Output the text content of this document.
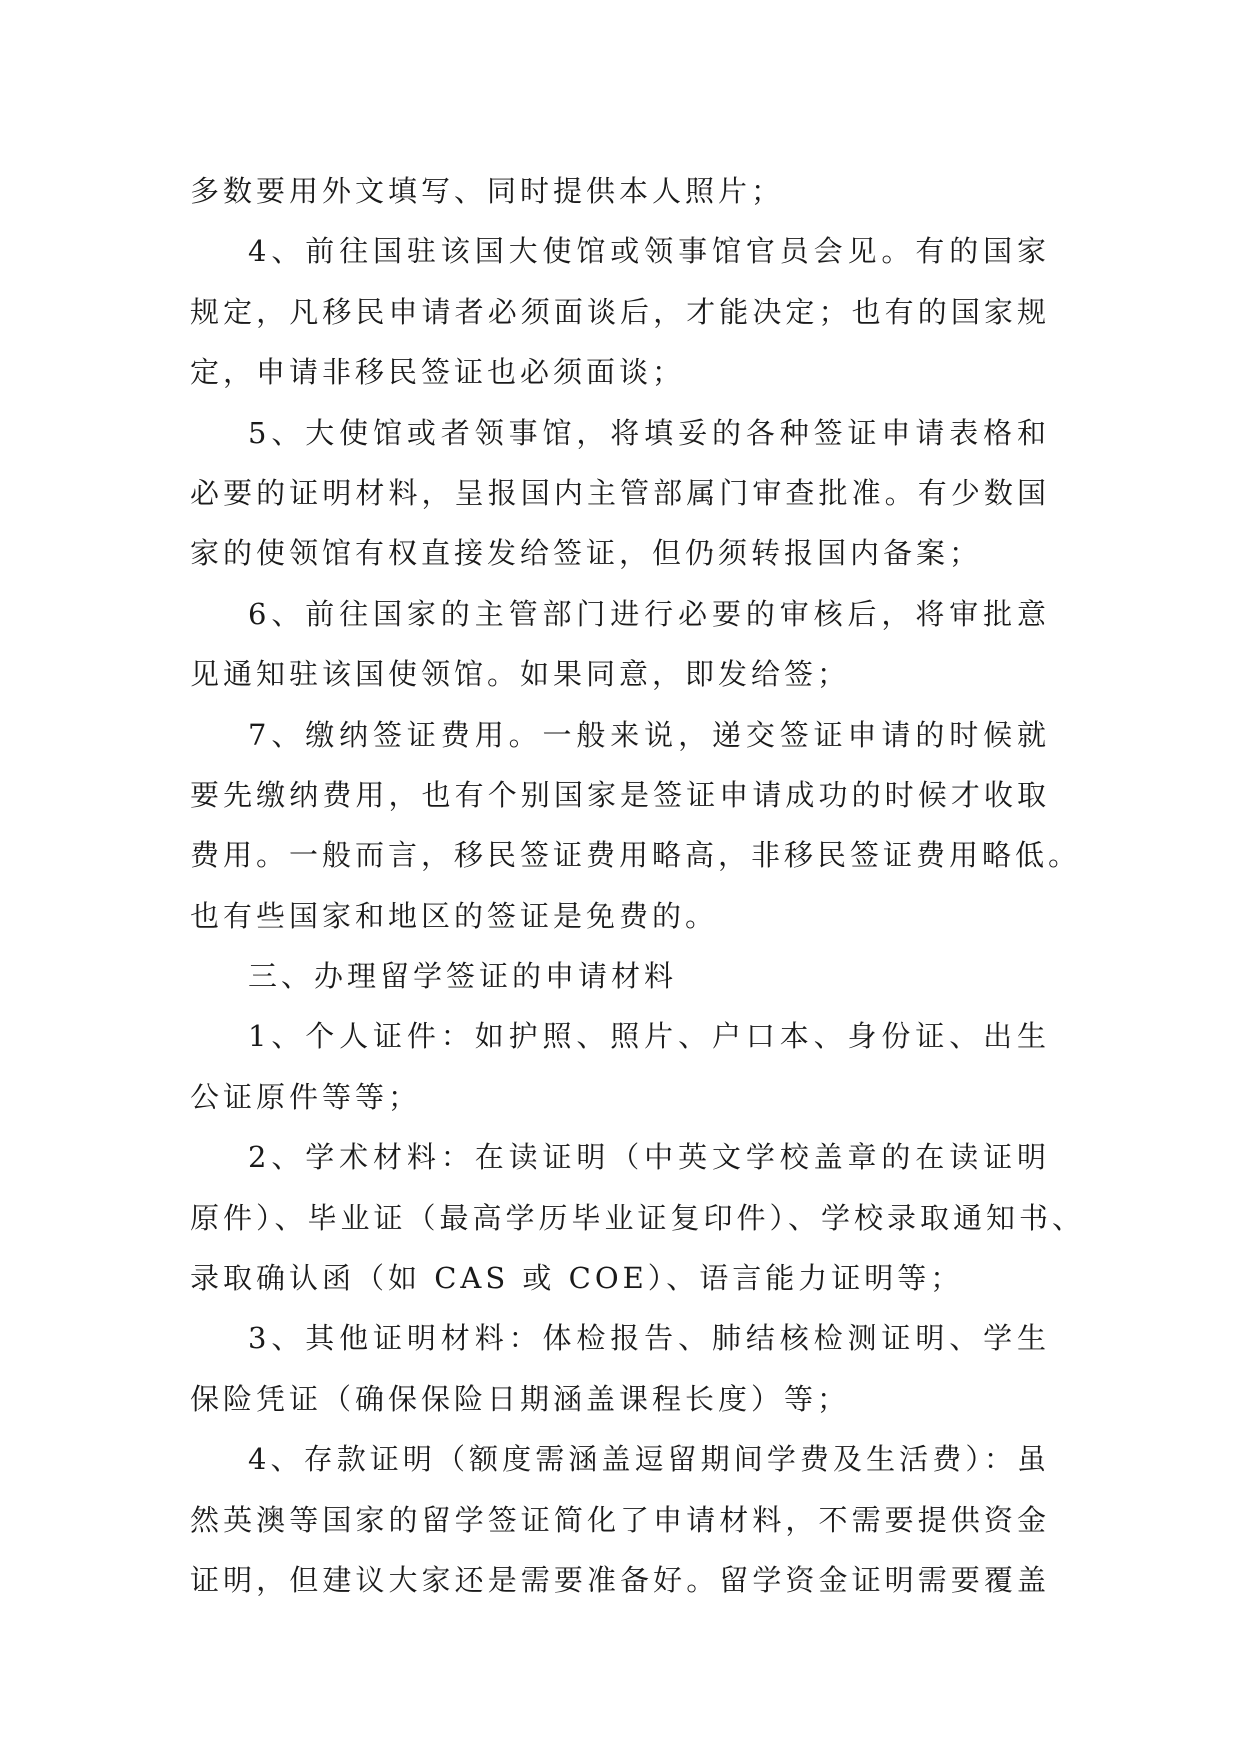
多数要用外文填写、同时提供本人照片；
4、前往国驻该国大使馆或领事馆官员会见。有的国家
规定，凡移民申请者必须面谈后，才能决定；也有的国家规
定，申请非移民签证也必须面谈；
5、大使馆或者领事馆，将填妥的各种签证申请表格和
必要的证明材料，呈报国内主管部属门审查批准。有少数国
家的使领馆有权直接发给签证，但仍须转报国内备案；
6、前往国家的主管部门进行必要的审核后，将审批意
见通知驻该国使领馆。如果同意，即发给签；
7、缴纳签证费用。一般来说，递交签证申请的时候就
要先缴纳费用，也有个别国家是签证申请成功的时候才收取
费用。一般而言，移民签证费用略高，非移民签证费用略低。
也有些国家和地区的签证是免费的。
三、办理留学签证的申请材料
1、个人证件：如护照、照片、户口本、身份证、出生
公证原件等等；
2、学术材料：在读证明（中英文学校盖章的在读证明
原件）、毕业证（最高学历毕业证复印件）、学校录取通知书、
录取确认函（如 CAS 或 COE）、语言能力证明等；
3、其他证明材料：体检报告、肺结核检测证明、学生
保险凭证（确保保险日期涵盖课程长度）等；
4、存款证明（额度需涵盖逗留期间学费及生活费）：虽
然英澳等国家的留学签证简化了申请材料，不需要提供资金
证明，但建议大家还是需要准备好。留学资金证明需要覆盖
